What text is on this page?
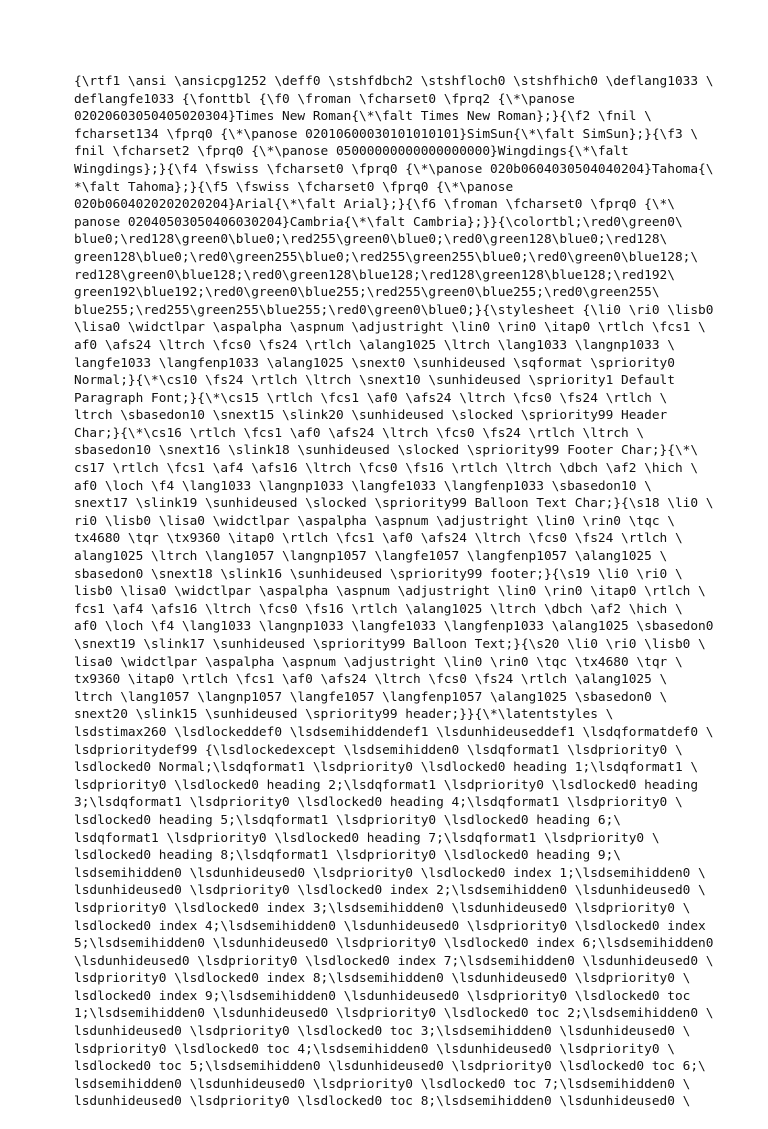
{\rtf1 \ansi \ansicpg1252 \deff0 \stshfdbch2 \stshfloch0 \stshfhich0 \deflang1033 \
deflangfe1033 {\fonttbl {\f0 \froman \fcharset0 \fprq2 {\*\panose
02020603050405020304}Times New Roman{\*\falt Times New Roman};}{\f2 \fnil \
fcharset134 \fprq0 {\*\panose 02010600030101010101}SimSun{\*\falt SimSun};}{\f3 \
fnil \fcharset2 \fprq0 {\*\panose 05000000000000000000}Wingdings{\*\falt
Wingdings};}{\f4 \fswiss \fcharset0 \fprq0 {\*\panose 020b0604030504040204}Tahoma{\
*\falt Tahoma};}{\f5 \fswiss \fcharset0 \fprq0 {\*\panose
020b0604020202020204}Arial{\*\falt Arial};}{\f6 \froman \fcharset0 \fprq0 {\*\
panose 02040503050406030204}Cambria{\*\falt Cambria};}}{\colortbl;\red0\green0\
blue0;\red128\green0\blue0;\red255\green0\blue0;\red0\green128\blue0;\red128\
green128\blue0;\red0\green255\blue0;\red255\green255\blue0;\red0\green0\blue128;\
red128\green0\blue128;\red0\green128\blue128;\red128\green128\blue128;\red192\
green192\blue192;\red0\green0\blue255;\red255\green0\blue255;\red0\green255\
blue255;\red255\green255\blue255;\red0\green0\blue0;}{\stylesheet {\li0 \ri0 \lisb0
\lisa0 \widctlpar \aspalpha \aspnum \adjustright \lin0 \rin0 \itap0 \rtlch \fcs1 \
af0 \afs24 \ltrch \fcs0 \fs24 \rtlch \alang1025 \ltrch \lang1033 \langnp1033 \
langfe1033 \langfenp1033 \alang1025 \snext0 \sunhideused \sqformat \spriority0
Normal;}{\*\cs10 \fs24 \rtlch \ltrch \snext10 \sunhideused \spriority1 Default
Paragraph Font;}{\*\cs15 \rtlch \fcs1 \af0 \afs24 \ltrch \fcs0 \fs24 \rtlch \
ltrch \sbasedon10 \snext15 \slink20 \sunhideused \slocked \spriority99 Header
Char;}{\*\cs16 \rtlch \fcs1 \af0 \afs24 \ltrch \fcs0 \fs24 \rtlch \ltrch \
sbasedon10 \snext16 \slink18 \sunhideused \slocked \spriority99 Footer Char;}{\*\
cs17 \rtlch \fcs1 \af4 \afs16 \ltrch \fcs0 \fs16 \rtlch \ltrch \dbch \af2 \hich \
af0 \loch \f4 \lang1033 \langnp1033 \langfe1033 \langfenp1033 \sbasedon10 \
snext17 \slink19 \sunhideused \slocked \spriority99 Balloon Text Char;}{\s18 \li0 \
ri0 \lisb0 \lisa0 \widctlpar \aspalpha \aspnum \adjustright \lin0 \rin0 \tqc \
tx4680 \tqr \tx9360 \itap0 \rtlch \fcs1 \af0 \afs24 \ltrch \fcs0 \fs24 \rtlch \
alang1025 \ltrch \lang1057 \langnp1057 \langfe1057 \langfenp1057 \alang1025 \
sbasedon0 \snext18 \slink16 \sunhideused \spriority99 footer;}{\s19 \li0 \ri0 \
lisb0 \lisa0 \widctlpar \aspalpha \aspnum \adjustright \lin0 \rin0 \itap0 \rtlch \
fcs1 \af4 \afs16 \ltrch \fcs0 \fs16 \rtlch \alang1025 \ltrch \dbch \af2 \hich \
af0 \loch \f4 \lang1033 \langnp1033 \langfe1033 \langfenp1033 \alang1025 \sbasedon0
\snext19 \slink17 \sunhideused \spriority99 Balloon Text;}{\s20 \li0 \ri0 \lisb0 \
lisa0 \widctlpar \aspalpha \aspnum \adjustright \lin0 \rin0 \tqc \tx4680 \tqr \
tx9360 \itap0 \rtlch \fcs1 \af0 \afs24 \ltrch \fcs0 \fs24 \rtlch \alang1025 \
ltrch \lang1057 \langnp1057 \langfe1057 \langfenp1057 \alang1025 \sbasedon0 \
snext20 \slink15 \sunhideused \spriority99 header;}}{\*\latentstyles \
lsdstimax260 \lsdlockeddef0 \lsdsemihiddendef1 \lsdunhideuseddef1 \lsdqformatdef0 \
lsdprioritydef99 {\lsdlockedexcept \lsdsemihidden0 \lsdqformat1 \lsdpriority0 \
lsdlocked0 Normal;\lsdqformat1 \lsdpriority0 \lsdlocked0 heading 1;\lsdqformat1 \
lsdpriority0 \lsdlocked0 heading 2;\lsdqformat1 \lsdpriority0 \lsdlocked0 heading
3;\lsdqformat1 \lsdpriority0 \lsdlocked0 heading 4;\lsdqformat1 \lsdpriority0 \
lsdlocked0 heading 5;\lsdqformat1 \lsdpriority0 \lsdlocked0 heading 6;\
lsdqformat1 \lsdpriority0 \lsdlocked0 heading 7;\lsdqformat1 \lsdpriority0 \
lsdlocked0 heading 8;\lsdqformat1 \lsdpriority0 \lsdlocked0 heading 9;\
lsdsemihidden0 \lsdunhideused0 \lsdpriority0 \lsdlocked0 index 1;\lsdsemihidden0 \
lsdunhideused0 \lsdpriority0 \lsdlocked0 index 2;\lsdsemihidden0 \lsdunhideused0 \
lsdpriority0 \lsdlocked0 index 3;\lsdsemihidden0 \lsdunhideused0 \lsdpriority0 \
lsdlocked0 index 4;\lsdsemihidden0 \lsdunhideused0 \lsdpriority0 \lsdlocked0 index
5;\lsdsemihidden0 \lsdunhideused0 \lsdpriority0 \lsdlocked0 index 6;\lsdsemihidden0
\lsdunhideused0 \lsdpriority0 \lsdlocked0 index 7;\lsdsemihidden0 \lsdunhideused0 \
lsdpriority0 \lsdlocked0 index 8;\lsdsemihidden0 \lsdunhideused0 \lsdpriority0 \
lsdlocked0 index 9;\lsdsemihidden0 \lsdunhideused0 \lsdpriority0 \lsdlocked0 toc
1;\lsdsemihidden0 \lsdunhideused0 \lsdpriority0 \lsdlocked0 toc 2;\lsdsemihidden0 \
lsdunhideused0 \lsdpriority0 \lsdlocked0 toc 3;\lsdsemihidden0 \lsdunhideused0 \
lsdpriority0 \lsdlocked0 toc 4;\lsdsemihidden0 \lsdunhideused0 \lsdpriority0 \
lsdlocked0 toc 5;\lsdsemihidden0 \lsdunhideused0 \lsdpriority0 \lsdlocked0 toc 6;\
lsdsemihidden0 \lsdunhideused0 \lsdpriority0 \lsdlocked0 toc 7;\lsdsemihidden0 \
lsdunhideused0 \lsdpriority0 \lsdlocked0 toc 8;\lsdsemihidden0 \lsdunhideused0 \
